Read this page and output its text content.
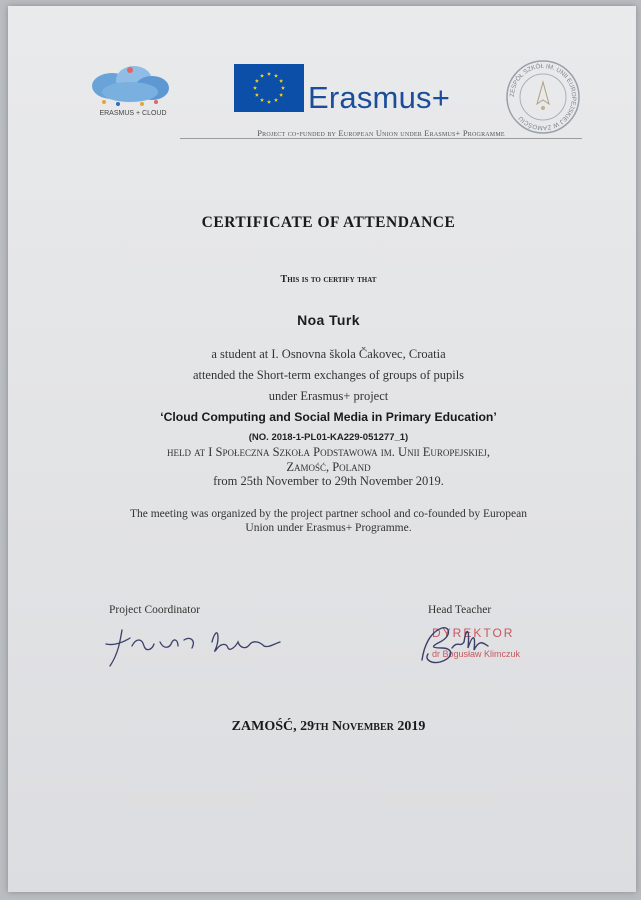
ERASMUS + CLOUD	Erasmus+
Project co-funded by European Union under Erasmus+ Programme
ZESPÓŁ SZKÓŁ IM. UNII EUROPEJSKIEJ W ZAMOŚCIU
CERTIFICATE OF ATTENDANCE
This is to certify that
Noa Turk
a student at I. Osnovna škola Čakovec, Croatia
attended the Short-term exchanges of groups of pupils
under Erasmus+ project
‘Cloud Computing and Social Media in Primary Education’
(NO. 2018-1-PL01-KA229-051277_1)
held at I Społeczna Szkoła Podstawowa im. Unii Europejskiej,
Zamość, Poland
from 25th November to 29th November 2019.
The meeting was organized by the project partner school and co-founded by European
Union under Erasmus+ Programme.
Project Coordinator	Head Teacher
DYREKTOR
dr Bogusław Klimczuk
ZAMOŚĆ, 29th November 2019
